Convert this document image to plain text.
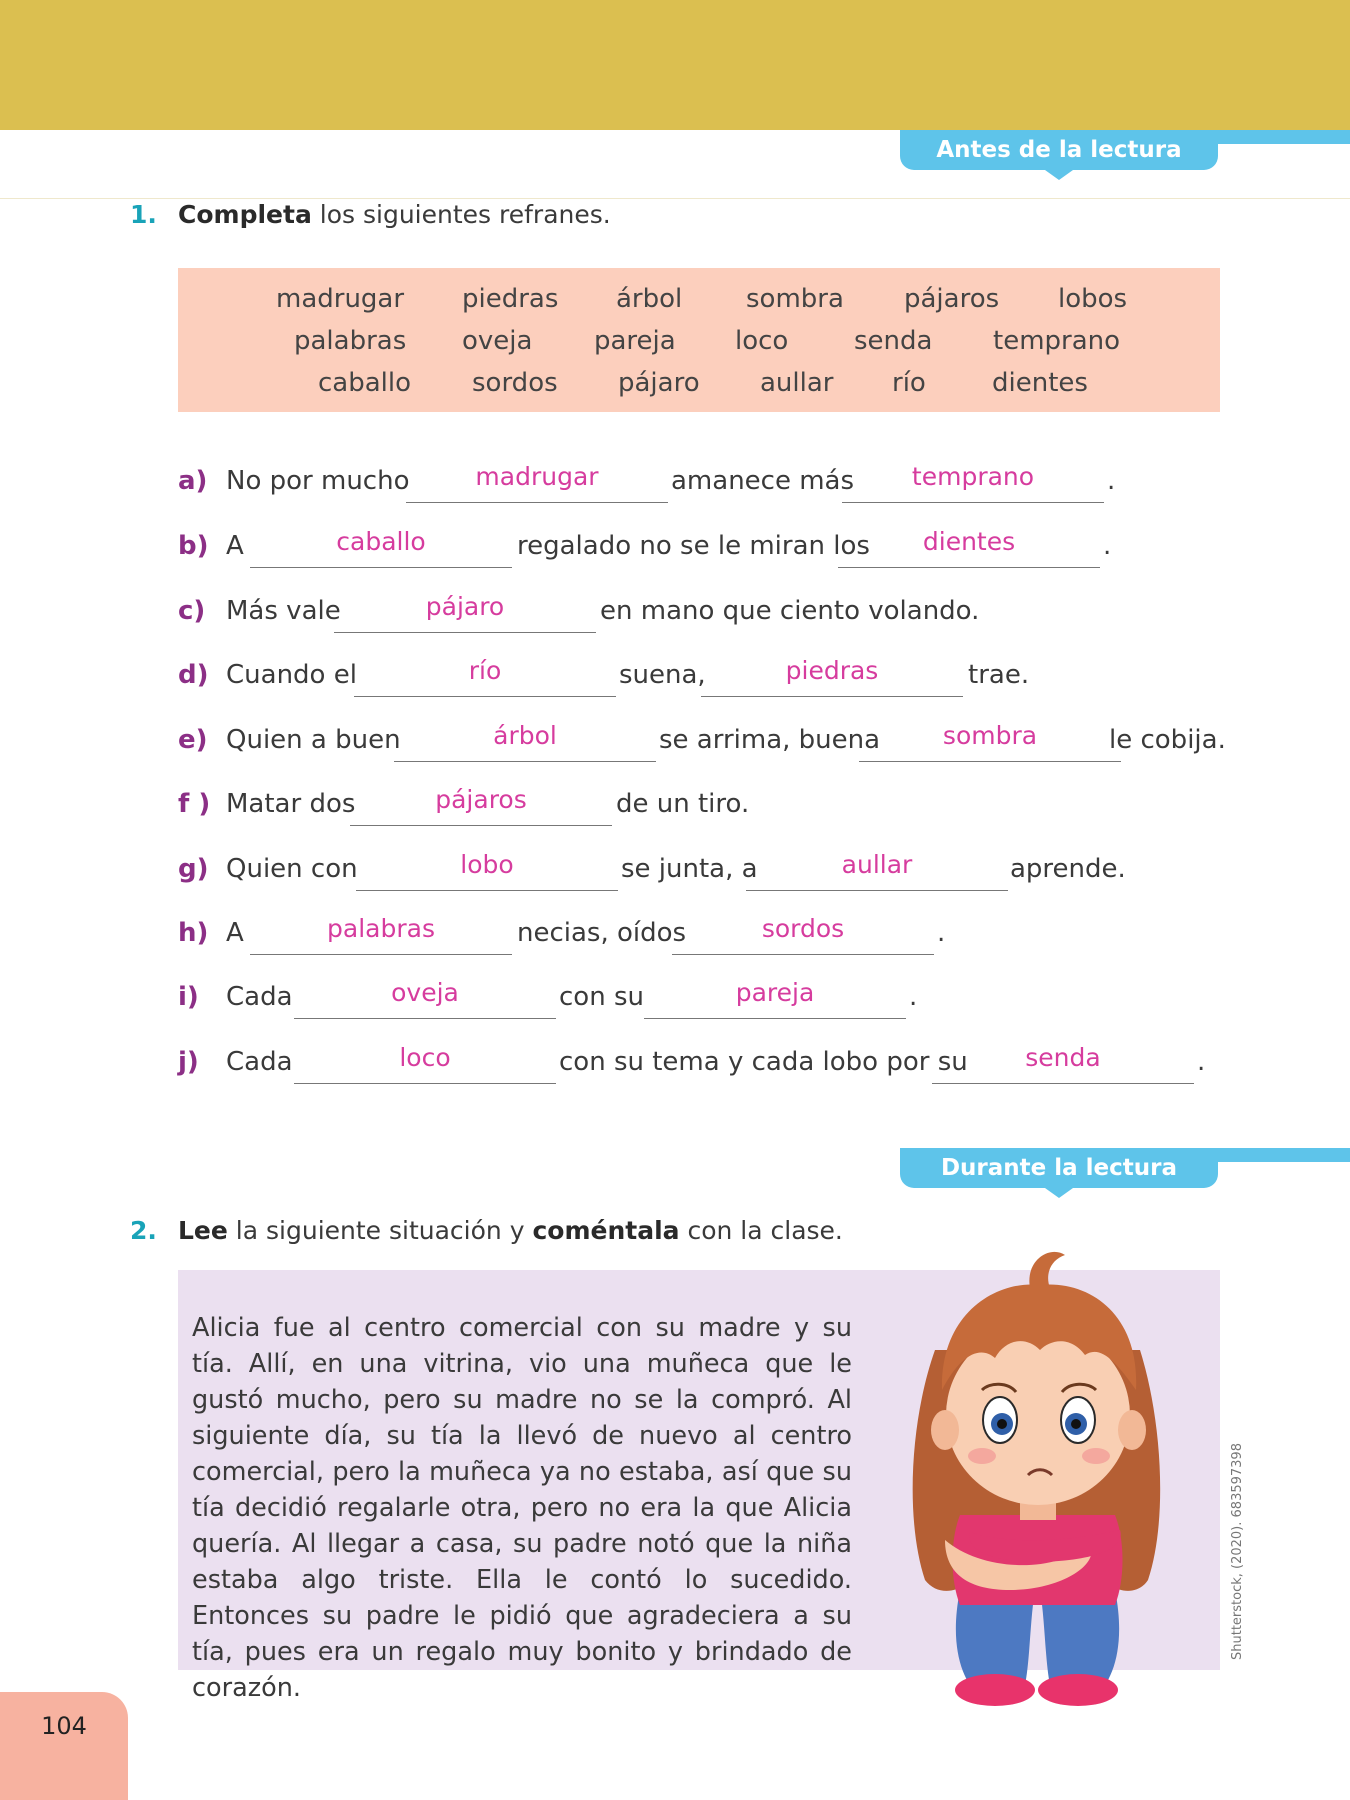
Antes de la lectura
1. Completa los siguientes refranes.
madrugar	piedras	árbol	sombra	pájaros	lobos
palabras	oveja	pareja	loco	senda	temprano
caballo	sordos	pájaro	aullar	río	dientes
a) No por mucho	madrugar	amanece más	temprano	.
b) A	caballo	regalado no se le miran los	dientes	.
c) Más vale	pájaro	en mano que ciento volando.
d) Cuando el	río	suena,	piedras	trae.
e) Quien a buen	árbol	se arrima, buena	sombra	le cobija.
f ) Matar dos	pájaros	de un tiro.
g) Quien con	lobo	se junta, a	aullar	aprende.
h) A	palabras	necias, oídos	sordos	.
i) Cada	oveja	con su	pareja	.
j) Cada	loco	con su tema y cada lobo por su	senda	.
Durante la lectura
2. Lee la siguiente situación y coméntala con la clase.
Alicia fue al centro comercial con su madre y su tía. Allí, en una vitrina, vio una muñeca que le gustó mucho, pero su madre no se la compró. Al siguiente día, su tía la llevó de nuevo al centro comercial, pero la muñeca ya no estaba, así que su tía decidió regalarle otra, pero no era la que Alicia quería. Al llegar a casa, su padre notó que la niña estaba algo triste. Ella le contó lo sucedido. Entonces su padre le pidió que agradeciera a su tía, pues era un regalo muy bonito y brindado de corazón.
Shutterstock, (2020). 683597398
104
